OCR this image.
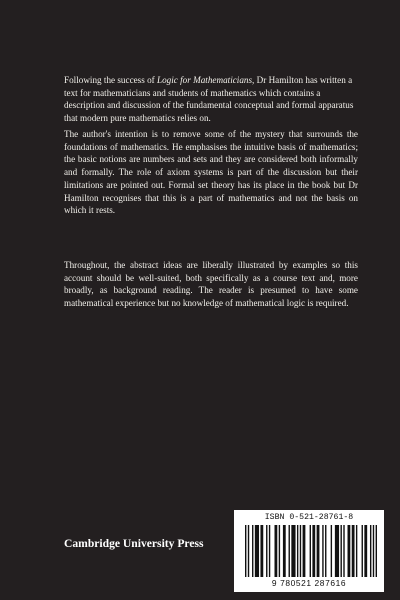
Following the success of Logic for Mathematicians, Dr Hamilton has written a text for mathematicians and students of mathematics which contains a description and discussion of the fundamental conceptual and formal apparatus that modern pure mathematics relies on.

The author's intention is to remove some of the mystery that surrounds the foundations of mathematics. He emphasises the intuitive basis of mathematics; the basic notions are numbers and sets and they are considered both informally and formally. The role of axiom systems is part of the discussion but their limitations are pointed out. Formal set theory has its place in the book but Dr Hamilton recognises that this is a part of mathematics and not the basis on which it rests.

Throughout, the abstract ideas are liberally illustrated by examples so this account should be well-suited, both specifically as a course text and, more broadly, as background reading. The reader is presumed to have some mathematical experience but no knowledge of mathematical logic is required.

Cambridge University Press

ISBN 0-521-28761-8

9 780521 287616
